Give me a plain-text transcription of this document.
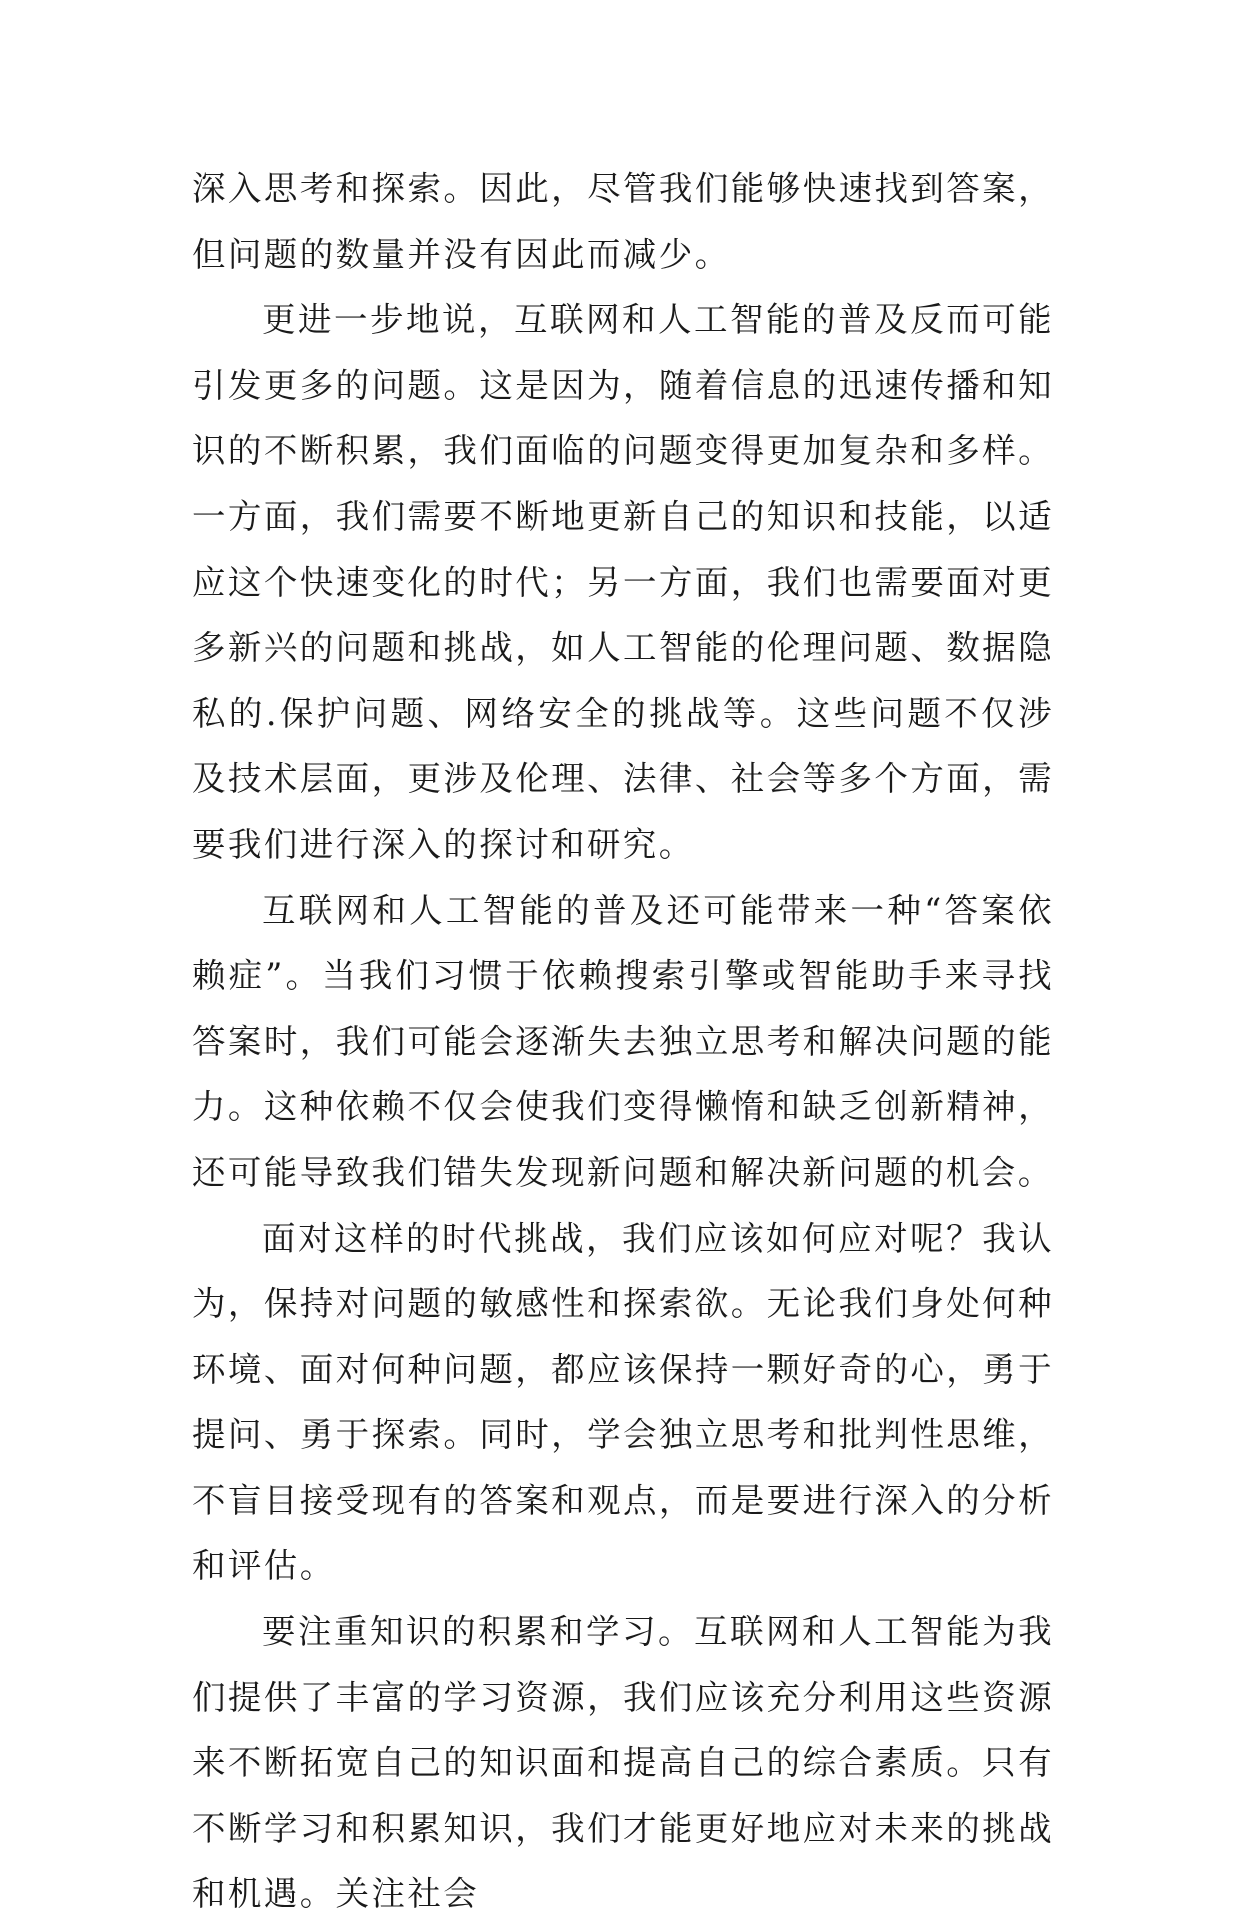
深入思考和探索。因此，尽管我们能够快速找到答案，但问题的数量并没有因此而减少。

更进一步地说，互联网和人工智能的普及反而可能引发更多的问题。这是因为，随着信息的迅速传播和知识的不断积累，我们面临的问题变得更加复杂和多样。一方面，我们需要不断地更新自己的知识和技能，以适应这个快速变化的时代；另一方面，我们也需要面对更多新兴的问题和挑战，如人工智能的伦理问题、数据隐私的.保护问题、网络安全的挑战等。这些问题不仅涉及技术层面，更涉及伦理、法律、社会等多个方面，需要我们进行深入的探讨和研究。

互联网和人工智能的普及还可能带来一种“答案依赖症”。当我们习惯于依赖搜索引擎或智能助手来寻找答案时，我们可能会逐渐失去独立思考和解决问题的能力。这种依赖不仅会使我们变得懒惰和缺乏创新精神，还可能导致我们错失发现新问题和解决新问题的机会。

面对这样的时代挑战，我们应该如何应对呢？我认为，保持对问题的敏感性和探索欲。无论我们身处何种环境、面对何种问题，都应该保持一颗好奇的心，勇于提问、勇于探索。同时，学会独立思考和批判性思维，不盲目接受现有的答案和观点，而是要进行深入的分析和评估。

要注重知识的积累和学习。互联网和人工智能为我们提供了丰富的学习资源，我们应该充分利用这些资源来不断拓宽自己的知识面和提高自己的综合素质。只有不断学习和积累知识，我们才能更好地应对未来的挑战和机遇。关注社会
